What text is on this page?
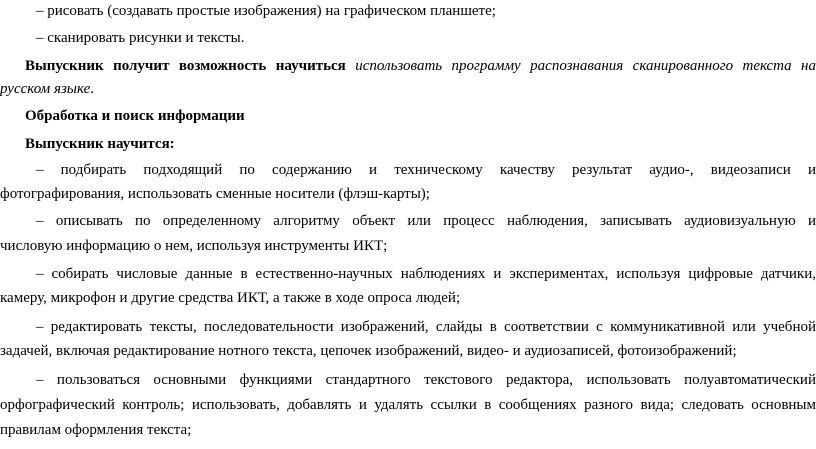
– рисовать (создавать простые изображения) на графическом планшете;
– сканировать рисунки и тексты.
Выпускник получит возможность научиться использовать программу распознавания сканированного текста на
русском языке.
Обработка и поиск информации
Выпускник научится:
– подбирать подходящий по содержанию и техническому качеству результат аудио-, видеозаписи и
фотографирования, использовать сменные носители (флэш-карты);
– описывать по определенному алгоритму объект или процесс наблюдения, записывать аудиовизуальную и
числовую информацию о нем, используя инструменты ИКТ;
– собирать числовые данные в естественно-научных наблюдениях и экспериментах, используя цифровые датчики,
камеру, микрофон и другие средства ИКТ, а также в ходе опроса людей;
– редактировать тексты, последовательности изображений, слайды в соответствии с коммуникативной или учебной
задачей, включая редактирование нотного текста, цепочек изображений, видео- и аудиозаписей, фотоизображений;
– пользоваться основными функциями стандартного текстового редактора, использовать полуавтоматический
орфографический контроль; использовать, добавлять и удалять ссылки в сообщениях разного вида; следовать основным
правилам оформления текста;
